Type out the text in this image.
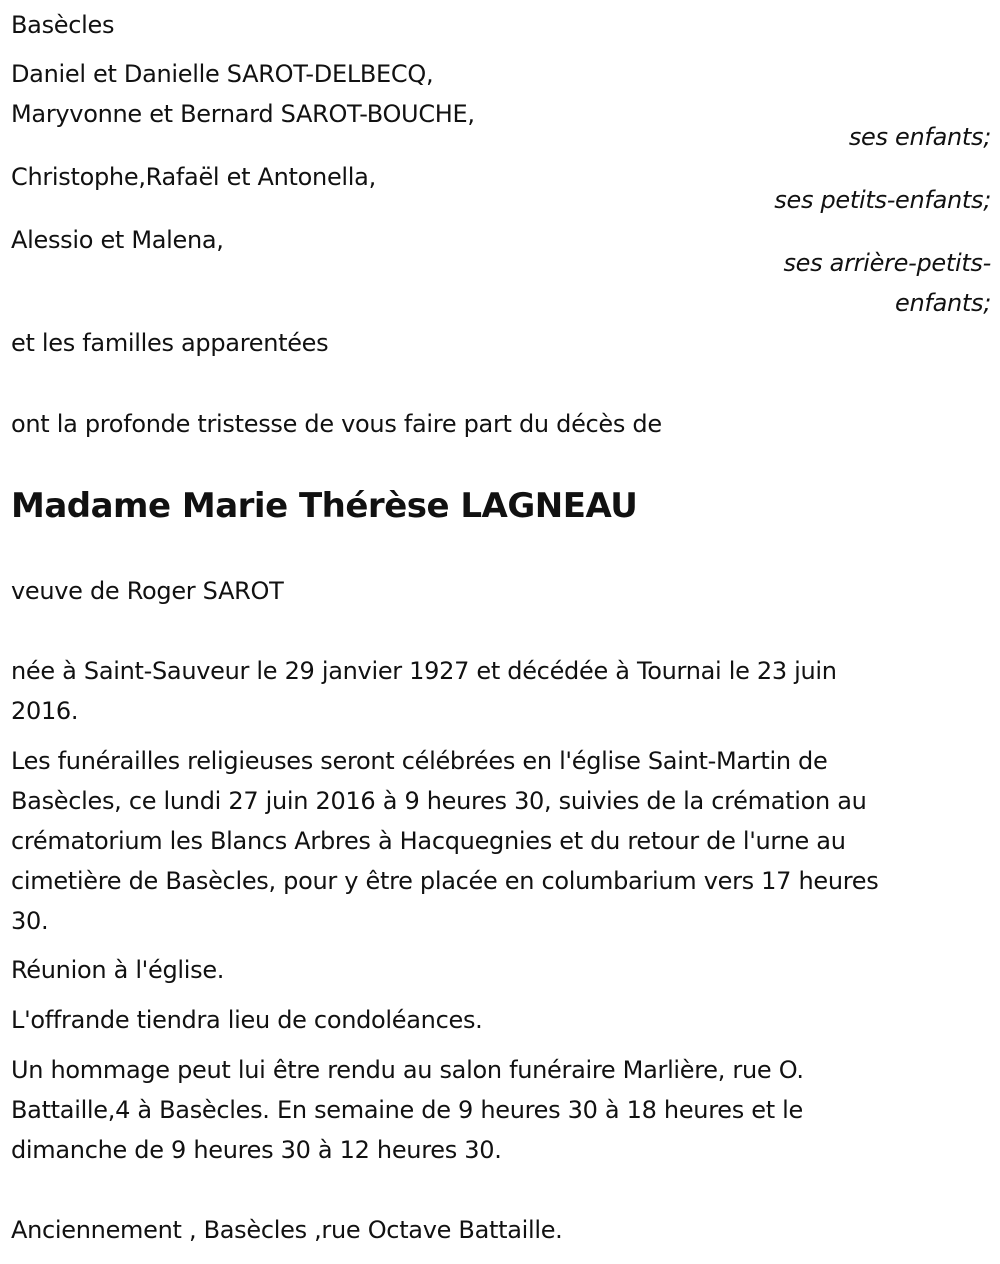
Basècles
Daniel et Danielle SAROT-DELBECQ,
Maryvonne et Bernard SAROT-BOUCHE,
ses enfants;
Christophe,Rafaël et Antonella,
ses petits-enfants;
Alessio et Malena,
ses arrière-petits-
enfants;
et les familles apparentées
ont la profonde tristesse de vous faire part du décès de
Madame Marie Thérèse LAGNEAU
veuve de Roger SAROT
née à Saint-Sauveur le 29 janvier 1927 et décédée à Tournai le 23 juin
2016.
Les funérailles religieuses seront célébrées en l'église Saint-Martin de
Basècles, ce lundi 27 juin 2016 à 9 heures 30, suivies de la crémation au
crématorium les Blancs Arbres à Hacquegnies et du retour de l'urne au
cimetière de Basècles, pour y être placée en columbarium vers 17 heures
30.
Réunion à l'église.
L'offrande tiendra lieu de condoléances.
Un hommage peut lui être rendu au salon funéraire Marlière, rue O.
Battaille,4 à Basècles. En semaine de 9 heures 30 à 18 heures et le
dimanche de 9 heures 30 à 12 heures 30.
Anciennement , Basècles ,rue Octave Battaille.
